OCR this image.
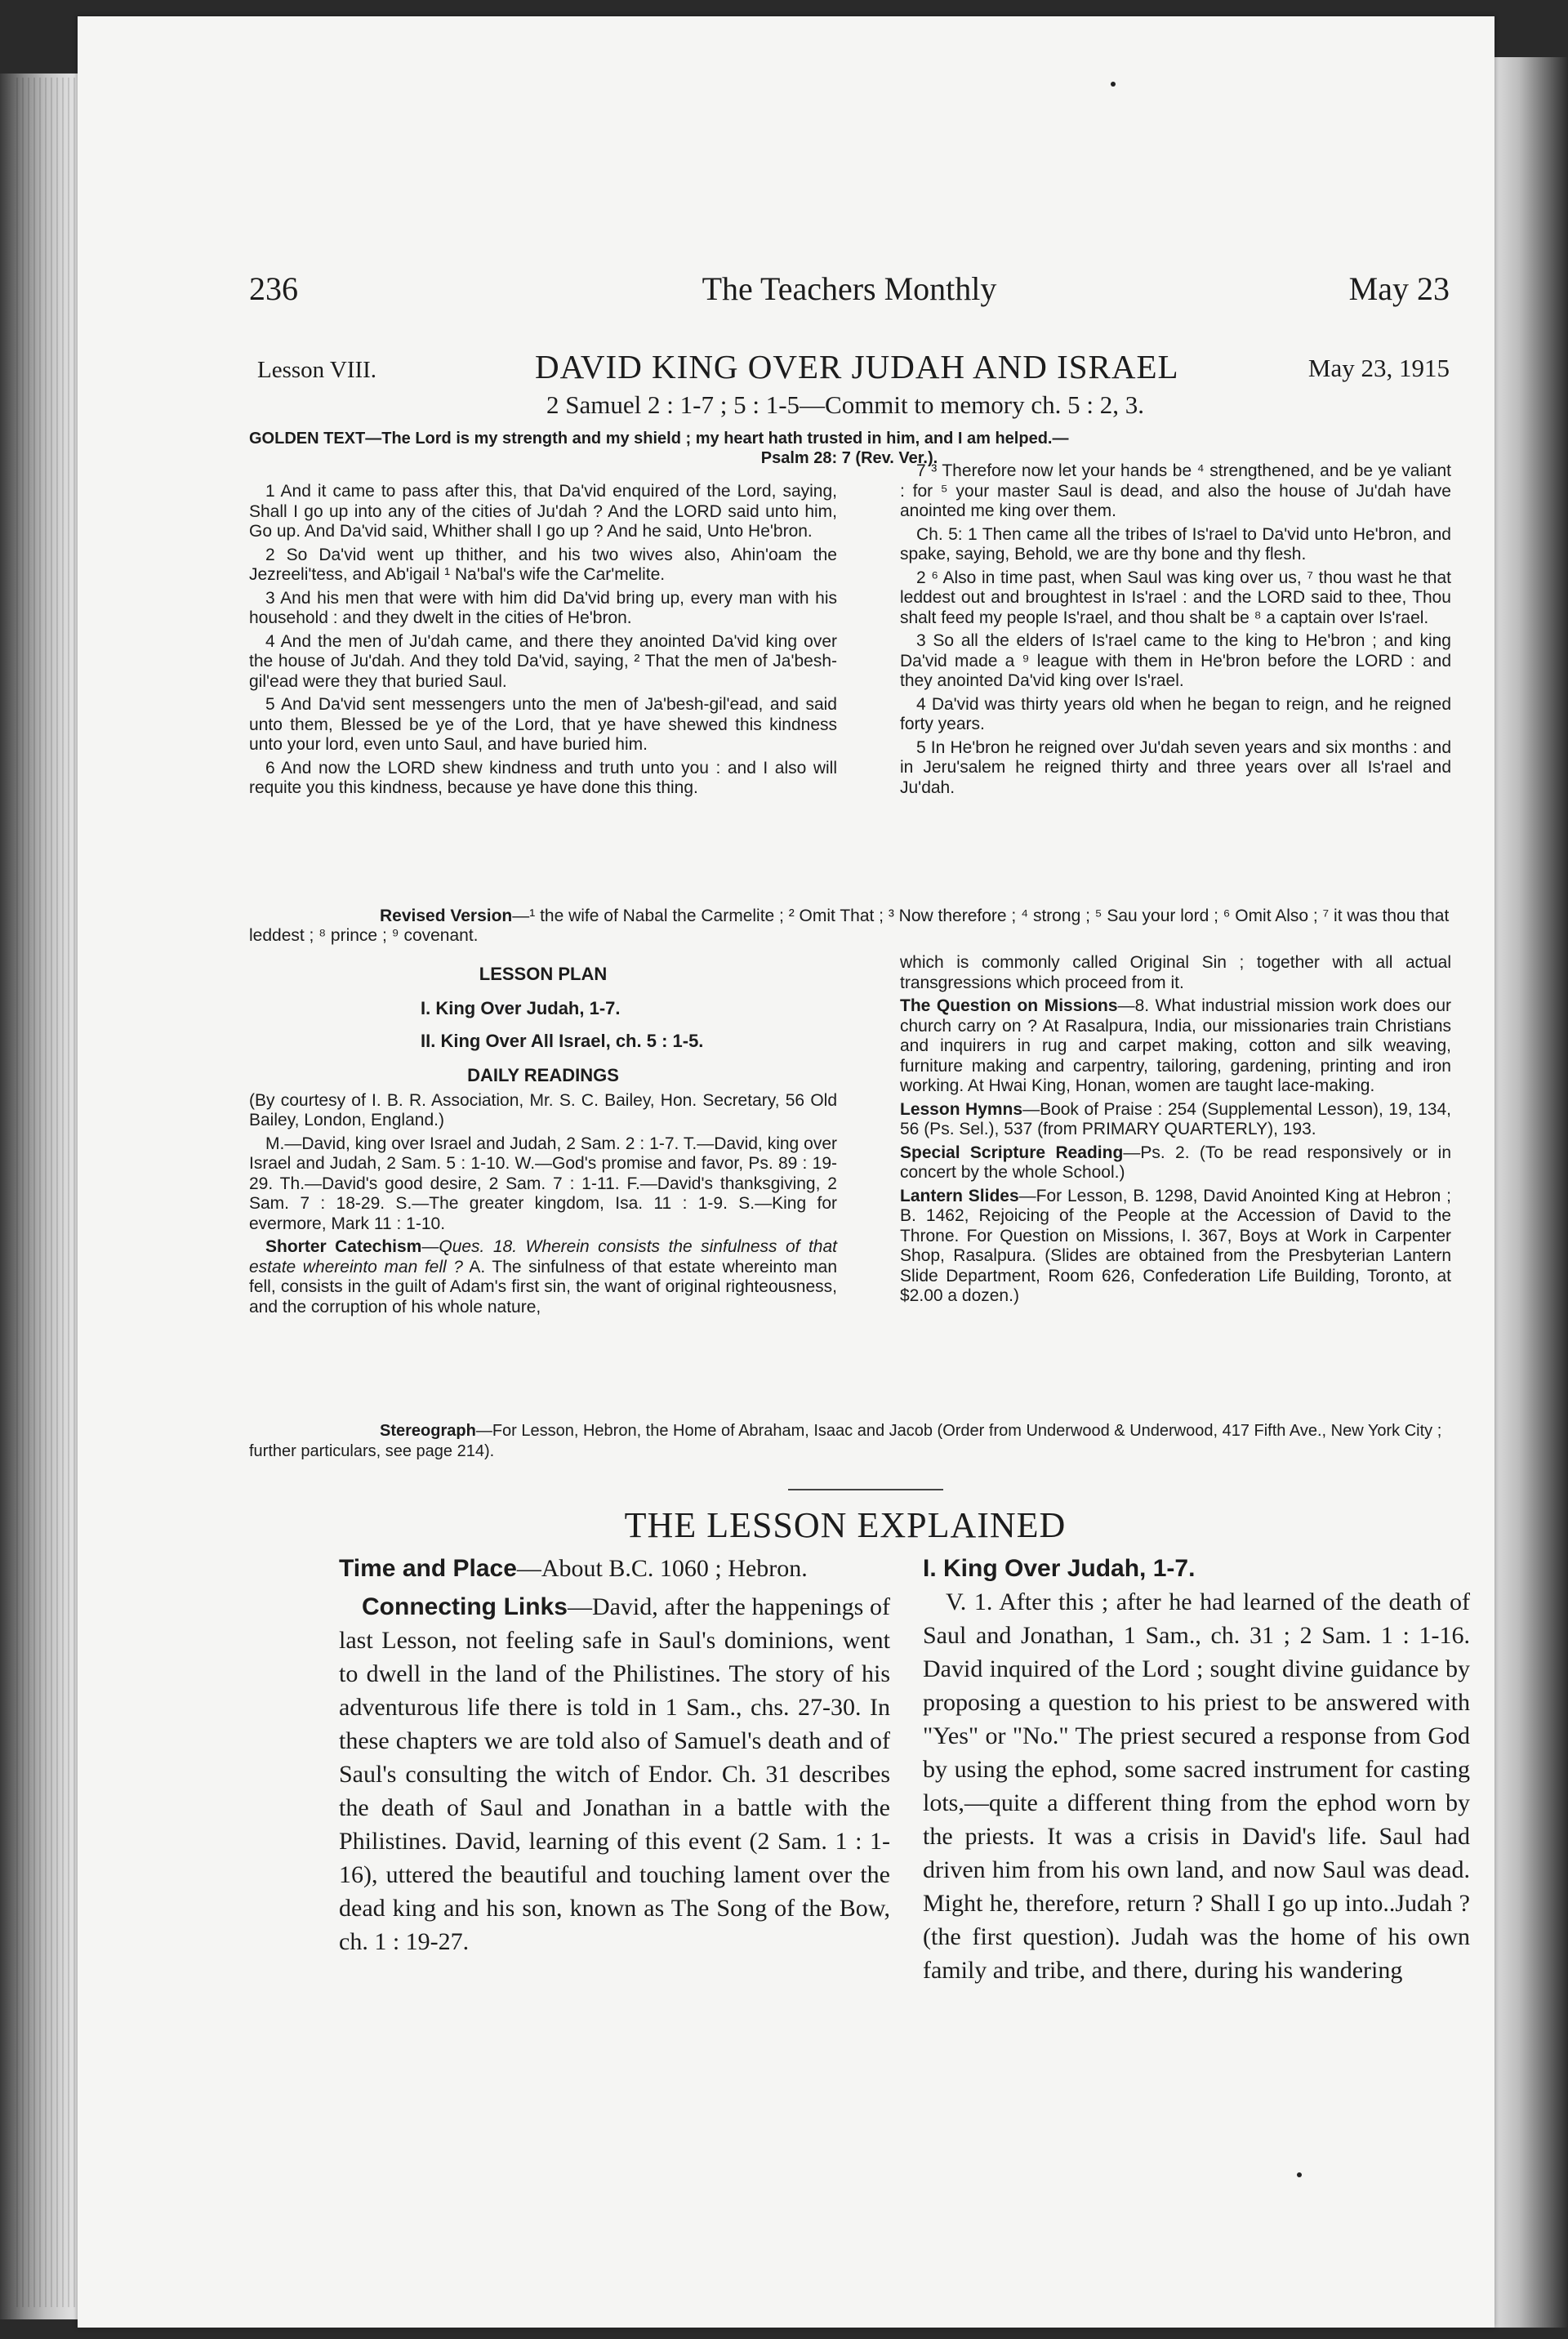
236	The Teachers Monthly	May 23
Lesson VIII.	DAVID KING OVER JUDAH AND ISRAEL	May 23, 1915
2 Samuel 2 : 1-7 ; 5 : 1-5—Commit to memory ch. 5 : 2, 3.
GOLDEN TEXT—The Lord is my strength and my shield ; my heart hath trusted in him, and I am helped.—
Psalm 28: 7 (Rev. Ver.).

1 And it came to pass after this, that Da'vid enquired of the Lord, saying, Shall I go up into any of the cities of Ju'dah ? And the LORD said unto him, Go up. And Da'vid said, Whither shall I go up ? And he said, Unto He'bron.

2 So Da'vid went up thither, and his two wives also, Ahin'oam the Jezreeli'tess, and Ab'igail ¹ Na'bal's wife the Car'melite.

3 And his men that were with him did Da'vid bring up, every man with his household : and they dwelt in the cities of He'bron.

4 And the men of Ju'dah came, and there they anointed Da'vid king over the house of Ju'dah. And they told Da'vid, saying, ² That the men of Ja'besh-gil'ead were they that buried Saul.

5 And Da'vid sent messengers unto the men of Ja'besh-gil'ead, and said unto them, Blessed be ye of the Lord, that ye have shewed this kindness unto your lord, even unto Saul, and have buried him.

6 And now the LORD shew kindness and truth unto you : and I also will requite you this kindness, because ye have done this thing.

7 ³ Therefore now let your hands be ⁴ strengthened, and be ye valiant : for ⁵ your master Saul is dead, and also the house of Ju'dah have anointed me king over them.

Ch. 5: 1 Then came all the tribes of Is'rael to Da'vid unto He'bron, and spake, saying, Behold, we are thy bone and thy flesh.

2 ⁶ Also in time past, when Saul was king over us, ⁷ thou wast he that leddest out and broughtest in Is'rael : and the LORD said to thee, Thou shalt feed my people Is'rael, and thou shalt be ⁸ a captain over Is'rael.

3 So all the elders of Is'rael came to the king to He'bron ; and king Da'vid made a ⁹ league with them in He'bron before the LORD : and they anointed Da'vid king over Is'rael.

4 Da'vid was thirty years old when he began to reign, and he reigned forty years.

5 In He'bron he reigned over Ju'dah seven years and six months : and in Jeru'salem he reigned thirty and three years over all Is'rael and Ju'dah.

Revised Version—¹ the wife of Nabal the Carmelite ; ² Omit That ; ³ Now therefore ; ⁴ strong ; ⁵ Sau your lord ; ⁶ Omit Also ; ⁷ it was thou that leddest ; ⁸ prince ; ⁹ covenant.
LESSON PLAN
I. King Over Judah, 1-7.
II. King Over All Israel, ch. 5 : 1-5.
DAILY READINGS

(By courtesy of I. B. R. Association, Mr. S. C. Bailey, Hon. Secretary, 56 Old Bailey, London, England.)

M.—David, king over Israel and Judah, 2 Sam. 2 : 1-7. T.—David, king over Israel and Judah, 2 Sam. 5 : 1-10. W.—God's promise and favor, Ps. 89 : 19-29. Th.—David's good desire, 2 Sam. 7 : 1-11. F.—David's thanksgiving, 2 Sam. 7 : 18-29. S.—The greater kingdom, Isa. 11 : 1-9. S.—King for evermore, Mark 11 : 1-10.

Shorter Catechism—Ques. 18. Wherein consists the sinfulness of that estate whereinto man fell ? A. The sinfulness of that estate whereinto man fell, consists in the guilt of Adam's first sin, the want of original righteousness, and the corruption of his whole nature,

which is commonly called Original Sin ; together with all actual transgressions which proceed from it.

The Question on Missions—8. What industrial mission work does our church carry on ? At Rasalpura, India, our missionaries train Christians and inquirers in rug and carpet making, cotton and silk weaving, furniture making and carpentry, tailoring, gardening, printing and iron working. At Hwai King, Honan, women are taught lace-making.

Lesson Hymns—Book of Praise : 254 (Supplemental Lesson), 19, 134, 56 (Ps. Sel.), 537 (from PRIMARY QUARTERLY), 193.

Special Scripture Reading—Ps. 2. (To be read responsively or in concert by the whole School.)

Lantern Slides—For Lesson, B. 1298, David Anointed King at Hebron ; B. 1462, Rejoicing of the People at the Accession of David to the Throne. For Question on Missions, I. 367, Boys at Work in Carpenter Shop, Rasalpura. (Slides are obtained from the Presbyterian Lantern Slide Department, Room 626, Confederation Life Building, Toronto, at $2.00 a dozen.)

Stereograph—For Lesson, Hebron, the Home of Abraham, Isaac and Jacob (Order from Underwood & Underwood, 417 Fifth Ave., New York City ; further particulars, see page 214).
THE LESSON EXPLAINED

Time and Place—About B.C. 1060 ; Hebron.

Connecting Links—David, after the happenings of last Lesson, not feeling safe in Saul's dominions, went to dwell in the land of the Philistines. The story of his adventurous life there is told in 1 Sam., chs. 27-30. In these chapters we are told also of Samuel's death and of Saul's consulting the witch of Endor. Ch. 31 describes the death of Saul and Jonathan in a battle with the Philistines. David, learning of this event (2 Sam. 1 : 1-16), uttered the beautiful and touching lament over the dead king and his son, known as The Song of the Bow, ch. 1 : 19-27.

I. King Over Judah, 1-7.

V. 1. After this ; after he had learned of the death of Saul and Jonathan, 1 Sam., ch. 31 ; 2 Sam. 1 : 1-16. David inquired of the Lord ; sought divine guidance by proposing a question to his priest to be answered with "Yes" or "No." The priest secured a response from God by using the ephod, some sacred instrument for casting lots,—quite a different thing from the ephod worn by the priests. It was a crisis in David's life. Saul had driven him from his own land, and now Saul was dead. Might he, therefore, return ? Shall I go up into..Judah ? (the first question). Judah was the home of his own family and tribe, and there, during his wandering
